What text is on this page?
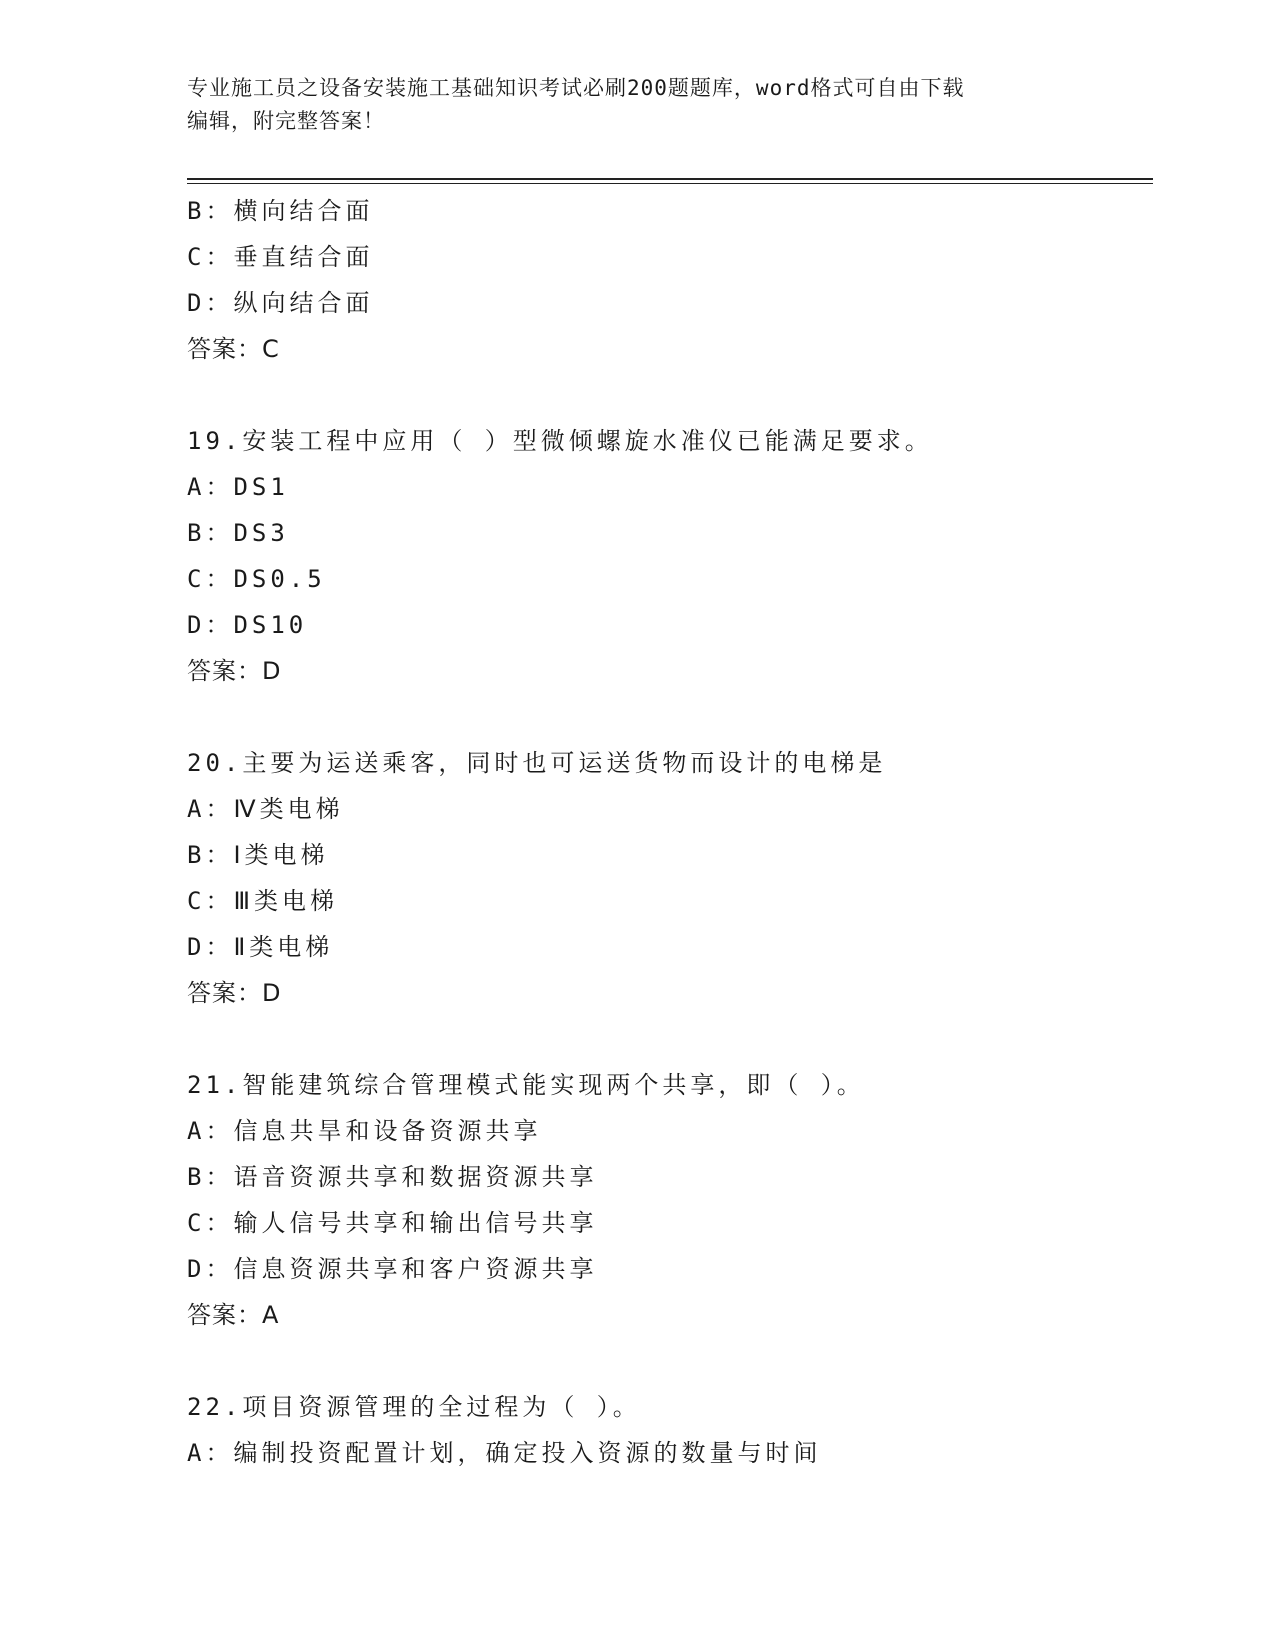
专业施工员之设备安装施工基础知识考试必刷200题题库，word格式可自由下载
编辑，附完整答案！
B：横向结合面
C：垂直结合面
D：纵向结合面
答案：C
19.安装工程中应用（ ）型微倾螺旋水准仪已能满足要求。
A：DS1
B：DS3
C：DS0.5
D：DS10
答案：D
20.主要为运送乘客，同时也可运送货物而设计的电梯是
A：Ⅳ类电梯
B：Ⅰ类电梯
C：Ⅲ类电梯
D：Ⅱ类电梯
答案：D
21.智能建筑综合管理模式能实现两个共享，即（ ）。
A：信息共旱和设备资源共享
B：语音资源共享和数据资源共享
C：输人信号共享和输出信号共享
D：信息资源共享和客户资源共享
答案：A
22.项目资源管理的全过程为（ ）。
A：编制投资配置计划，确定投入资源的数量与时间
